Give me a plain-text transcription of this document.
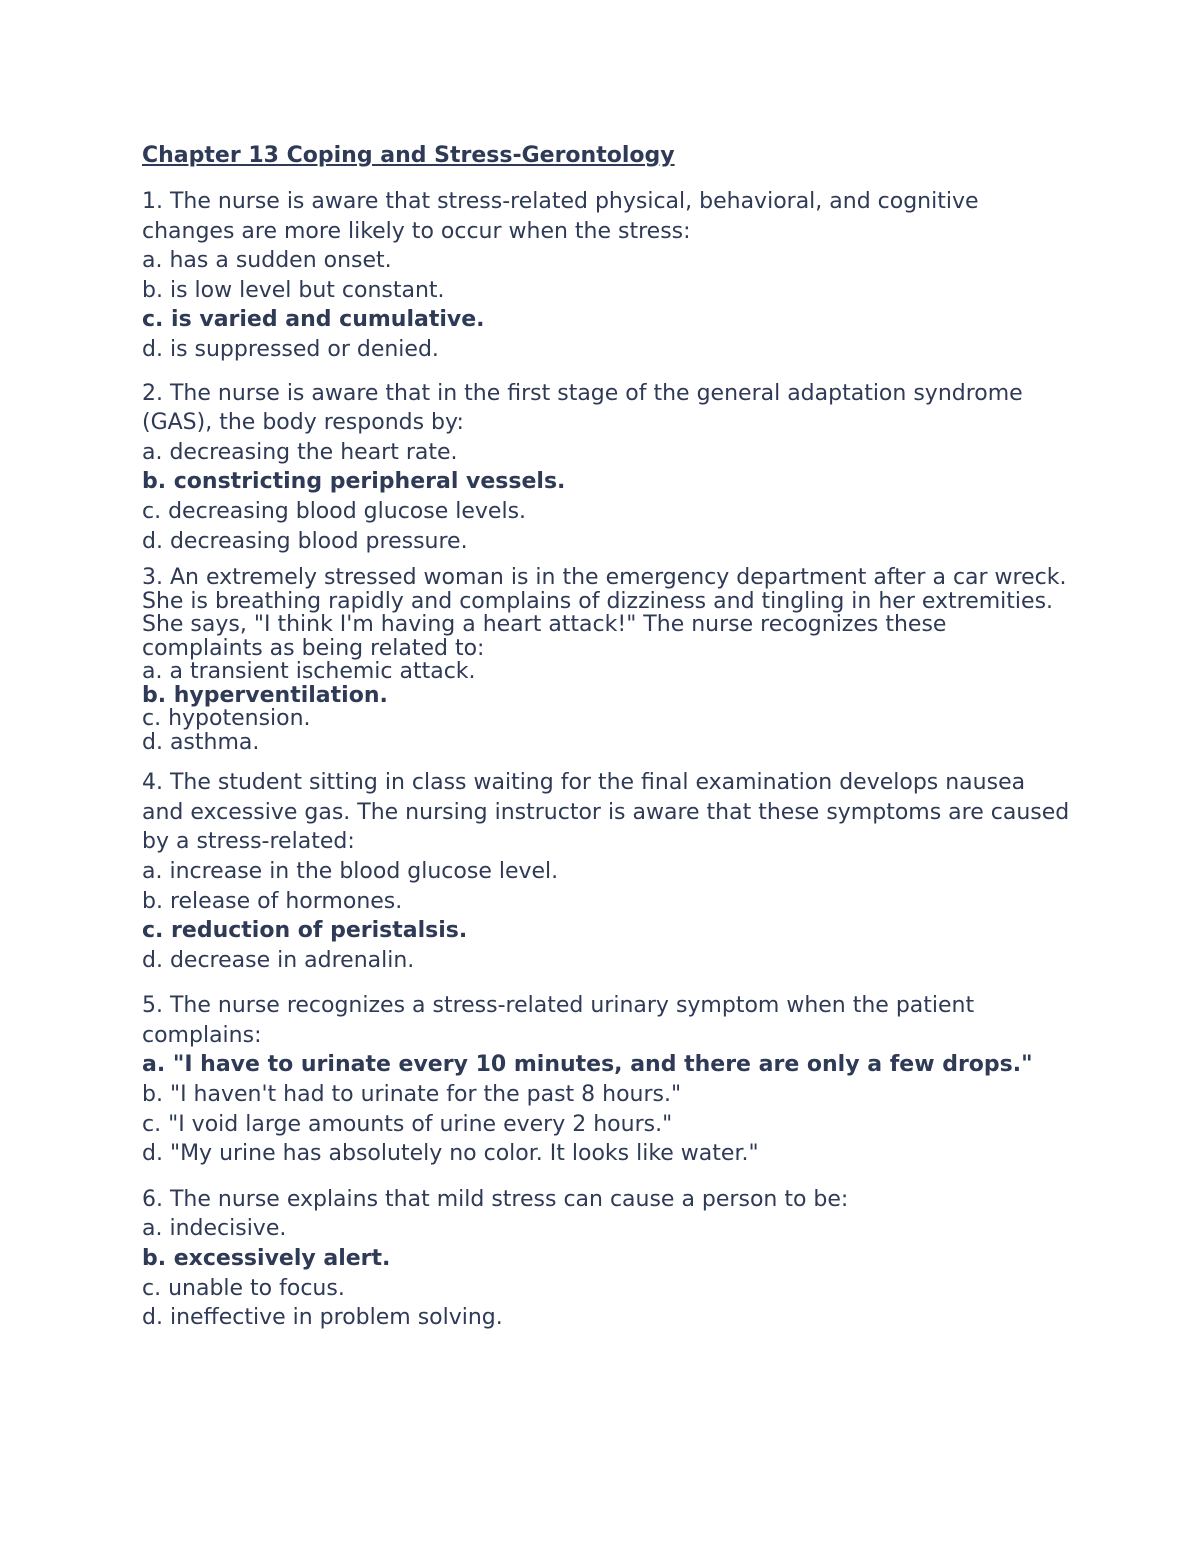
Chapter 13 Coping and Stress-Gerontology

1. The nurse is aware that stress-related physical, behavioral, and cognitive changes are more likely to occur when the stress:

a. has a sudden onset.

b. is low level but constant.

c. is varied and cumulative.

d. is suppressed or denied.

2. The nurse is aware that in the first stage of the general adaptation syndrome (GAS), the body responds by:

a. decreasing the heart rate.

b. constricting peripheral vessels.

c. decreasing blood glucose levels.

d. decreasing blood pressure.

3. An extremely stressed woman is in the emergency department after a car wreck. She is breathing rapidly and complains of dizziness and tingling in her extremities. She says, "I think I'm having a heart attack!" The nurse recognizes these complaints as being related to:

a. a transient ischemic attack.

b. hyperventilation.

c. hypotension.

d. asthma.

4. The student sitting in class waiting for the final examination develops nausea and excessive gas. The nursing instructor is aware that these symptoms are caused by a stress-related:

a. increase in the blood glucose level.

b. release of hormones.

c. reduction of peristalsis.

d. decrease in adrenalin.

5. The nurse recognizes a stress-related urinary symptom when the patient complains:

a. "I have to urinate every 10 minutes, and there are only a few drops."

b. "I haven't had to urinate for the past 8 hours."

c. "I void large amounts of urine every 2 hours."

d. "My urine has absolutely no color. It looks like water."

6. The nurse explains that mild stress can cause a person to be:

a. indecisive.

b. excessively alert.

c. unable to focus.

d. ineffective in problem solving.
